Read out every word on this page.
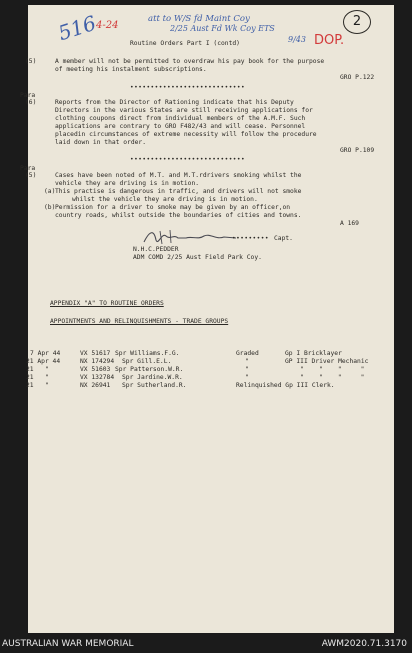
516
4-24
att to W/S fd Maint Coy
2/25 Aust Fd Wk Coy ETS
9/43 DOP.
2
Routine Orders Part I (contd)
(5)	A member will not be permitted to overdraw his pay book for the purpose
of meeting his instalment subscriptions.
GRO P.122
••••••••••••••••••••••••••••
Para
(6)	Reports from the Director of Rationing indicate that his Deputy
Directors in the various States are still receiving applications for
clothing coupons direct from individual members of the A.M.F. Such
applications are contrary to GRO F482/43 and will cease. Personnel
placedin circumstances of extreme necessity will follow the procedure
laid down in that order.
GRO P.109
••••••••••••••••••••••••••••
Para
(5)	Cases have been noted of M.T. and M.T.rdrivers smoking whilst the
vehicle they are driving is in motion.
(a) This practise is dangerous in traffic, and drivers will not smoke
whilst the vehicle they are driving is in motion.
(b) Permission for a driver to smoke may be given by an officer,on
country roads, whilst outside the boundaries of cities and towns.
A 169
••••••••• Capt.
N.H.C.PEDDER
ADM COMD 2/25 Aust Field Park Coy.
APPENDIX "A" TO ROUTINE ORDERS
APPOINTMENTS AND RELINQUISHMENTS - TRADE GROUPS
7 Apr 44	VX 51617 Spr Williams.F.G.	Graded	Gp I Bricklayer
21 Apr 44	NX 174294 Spr Gill.E.L.	"	GP III Driver Mechanic
21   "	VX 51603 Spr Patterson.W.R.	"	"    "    "     "
21   "	VX 132784 Spr Jardine.W.R.	"	"    "    "     "
21   "	NX 26941 Spr Sutherland.R.	Relinquished Gp III Clerk.
AUSTRALIAN WAR MEMORIAL	AWM2020.71.3170
